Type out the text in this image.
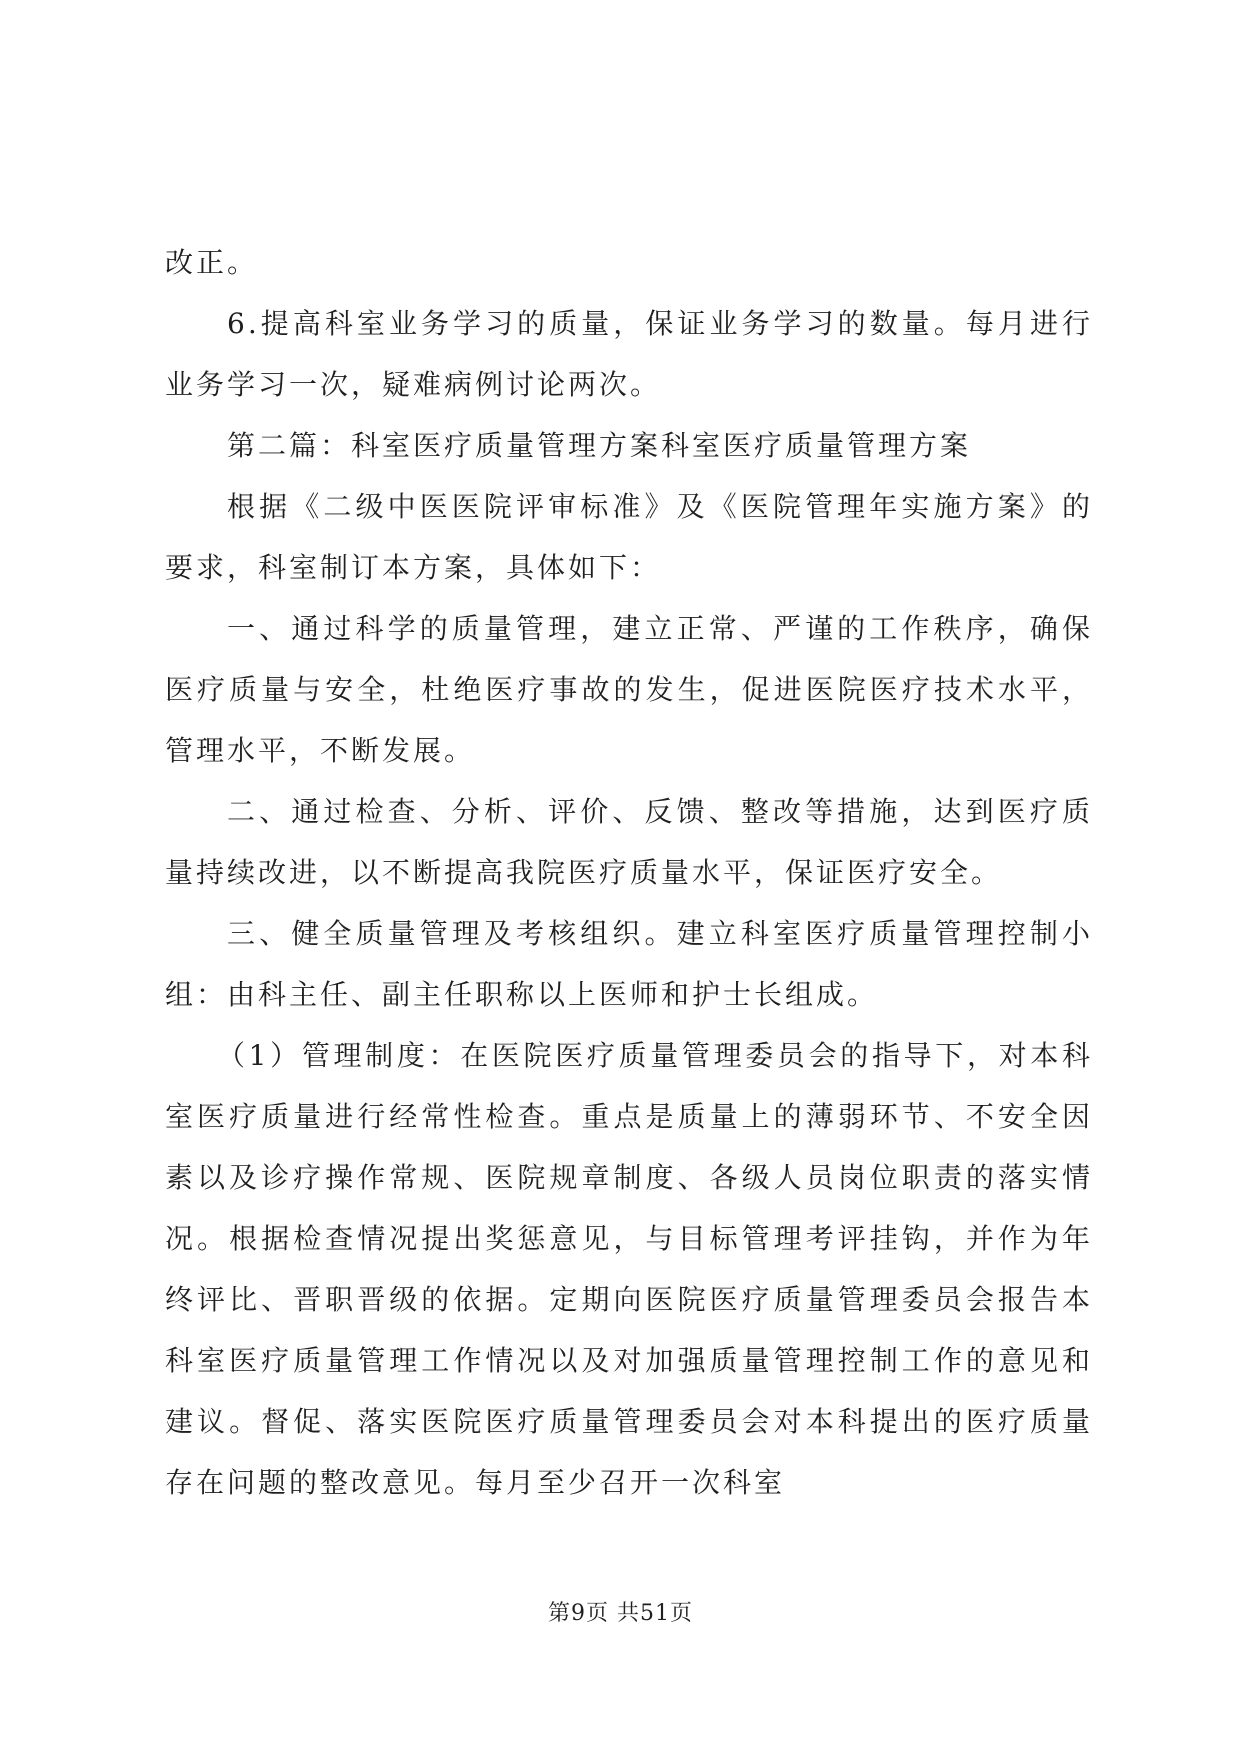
改正。

6.提高科室业务学习的质量，保证业务学习的数量。每月进行业务学习一次，疑难病例讨论两次。

第二篇：科室医疗质量管理方案科室医疗质量管理方案

根据《二级中医医院评审标准》及《医院管理年实施方案》的要求，科室制订本方案，具体如下：

一、通过科学的质量管理，建立正常、严谨的工作秩序，确保医疗质量与安全，杜绝医疗事故的发生，促进医院医疗技术水平，管理水平，不断发展。

二、通过检查、分析、评价、反馈、整改等措施，达到医疗质量持续改进，以不断提高我院医疗质量水平，保证医疗安全。

三、健全质量管理及考核组织。建立科室医疗质量管理控制小组：由科主任、副主任职称以上医师和护士长组成。

（1）管理制度：在医院医疗质量管理委员会的指导下，对本科室医疗质量进行经常性检查。重点是质量上的薄弱环节、不安全因素以及诊疗操作常规、医院规章制度、各级人员岗位职责的落实情况。根据检查情况提出奖惩意见，与目标管理考评挂钩，并作为年终评比、晋职晋级的依据。定期向医院医疗质量管理委员会报告本科室医疗质量管理工作情况以及对加强质量管理控制工作的意见和建议。督促、落实医院医疗质量管理委员会对本科提出的医疗质量存在问题的整改意见。每月至少召开一次科室

第9页 共51页
